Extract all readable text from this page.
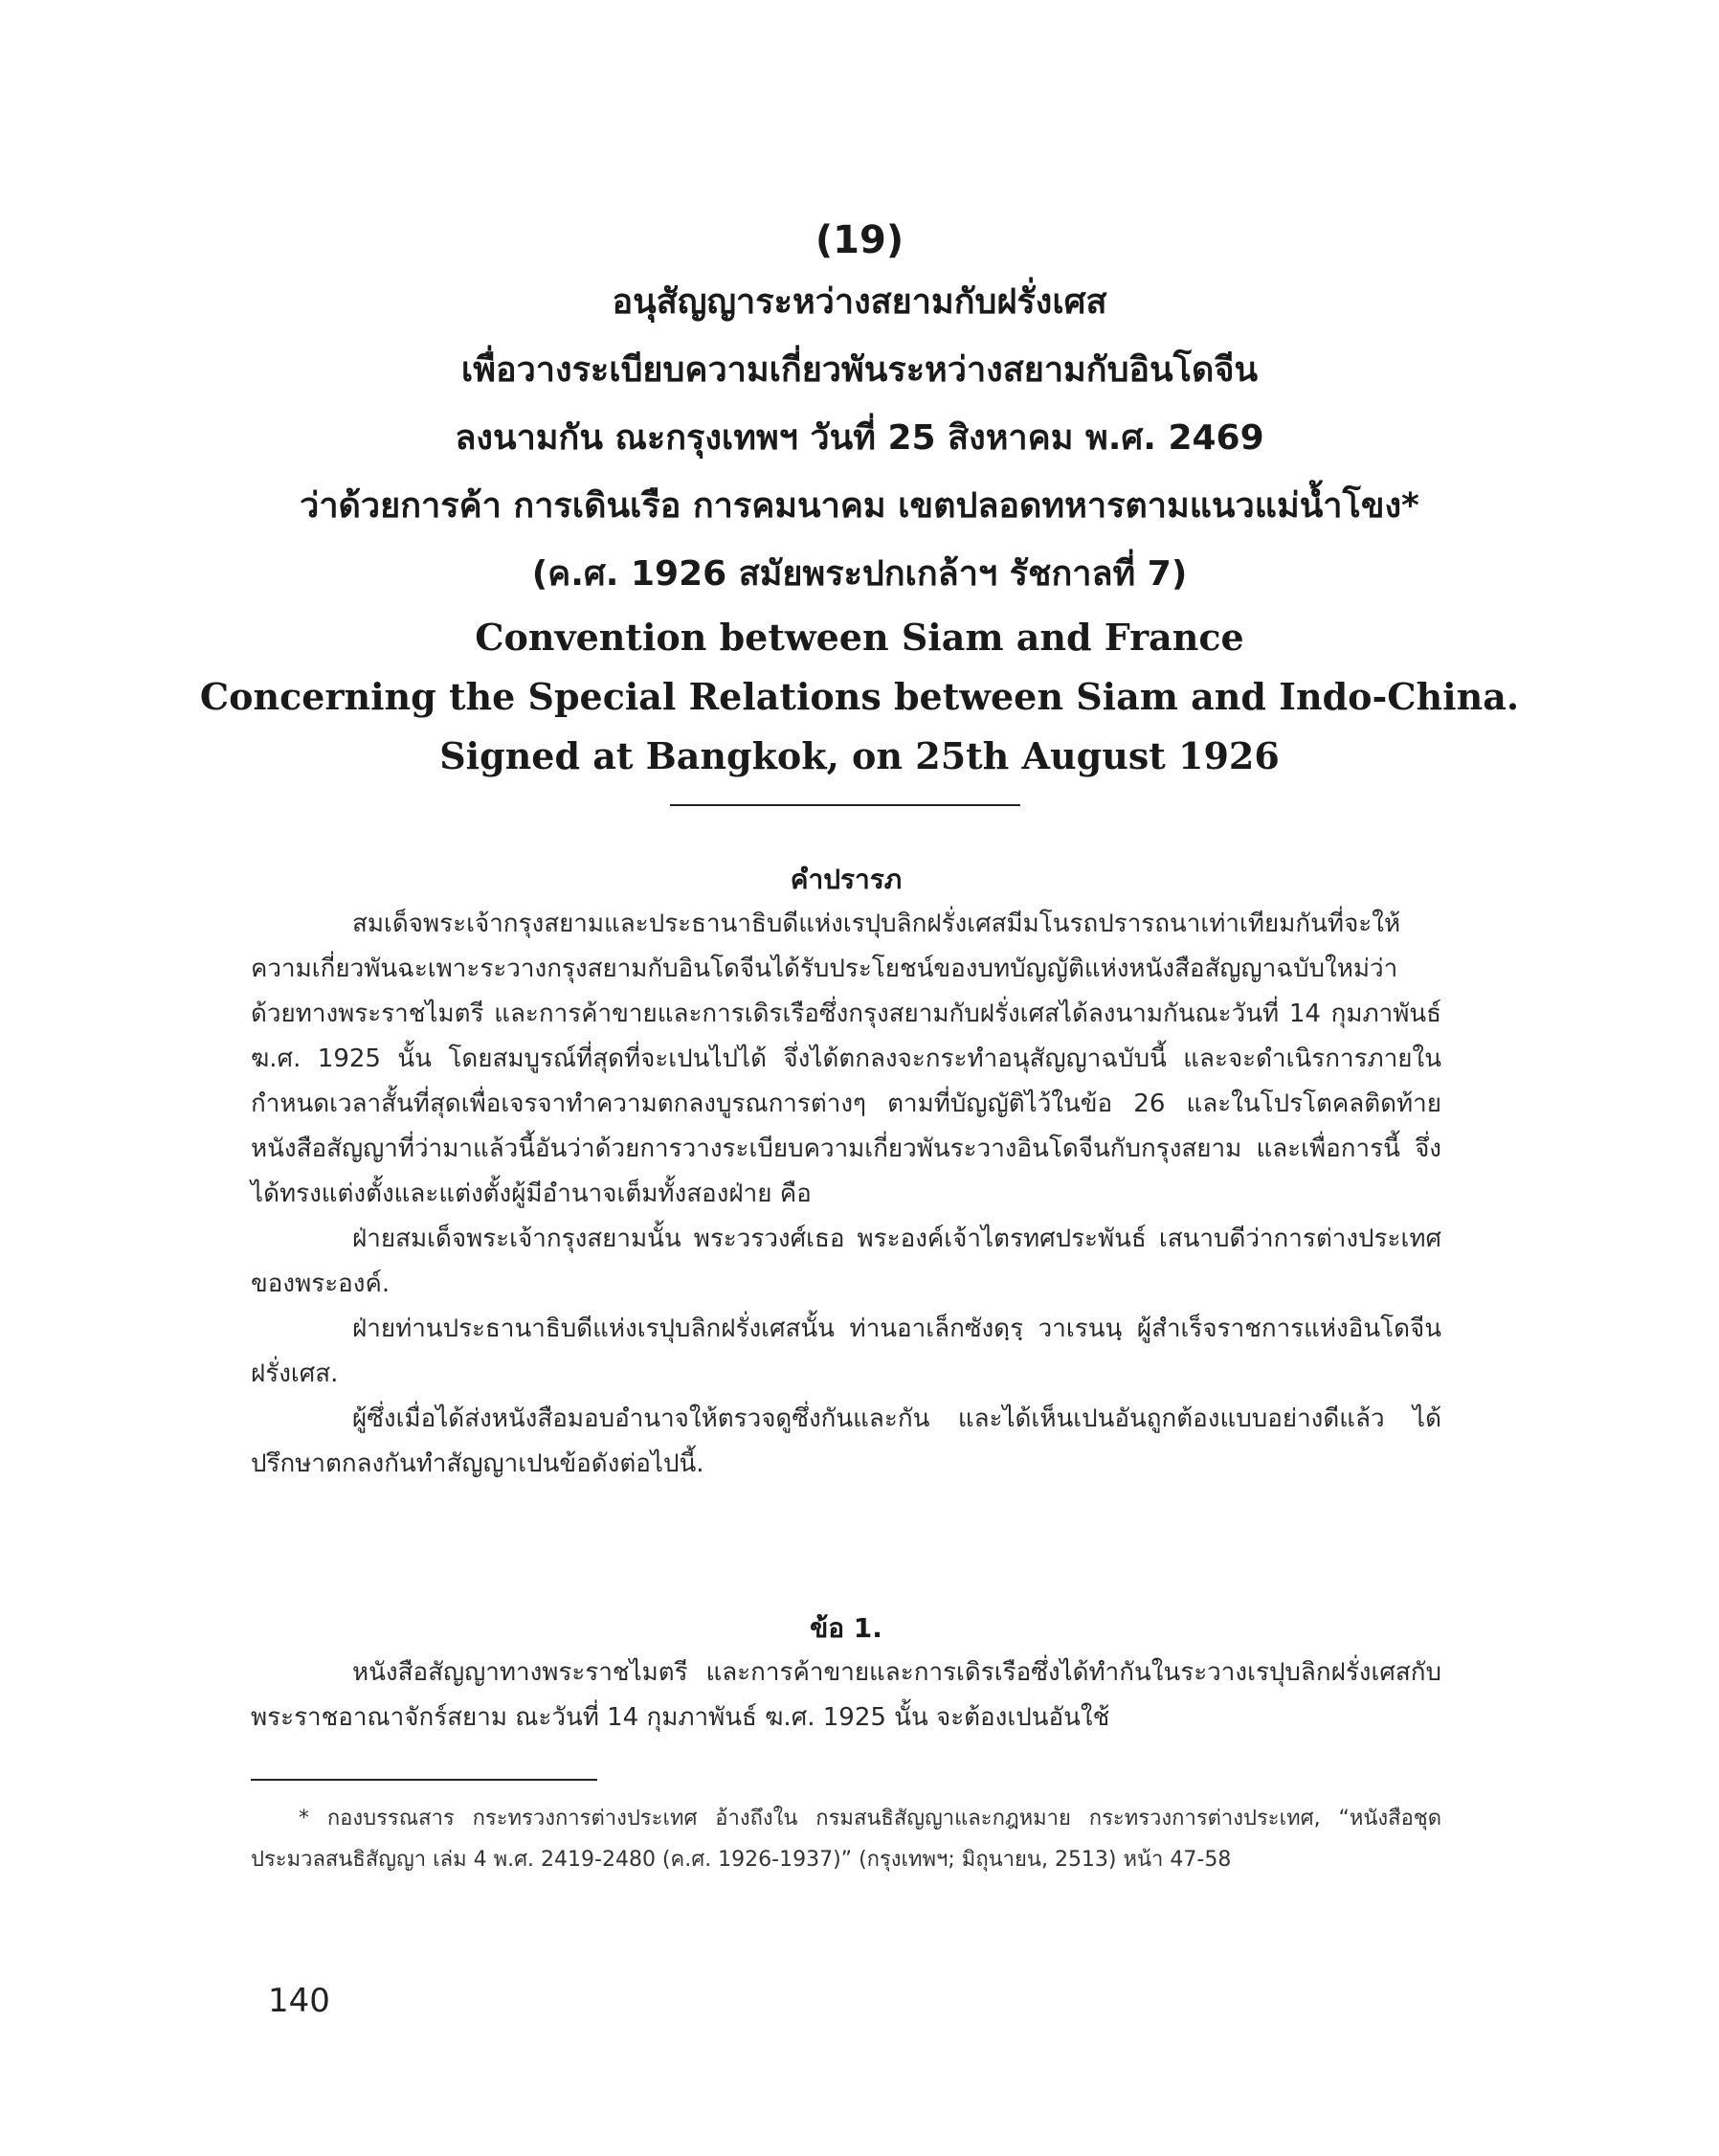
(19)
อนุสัญญาระหว่างสยามกับฝรั่งเศส
เพื่อวางระเบียบความเกี่ยวพันระหว่างสยามกับอินโดจีน
ลงนามกัน ณะกรุงเทพฯ วันที่ 25 สิงหาคม พ.ศ. 2469
ว่าด้วยการค้า การเดินเรือ การคมนาคม เขตปลอดทหารตามแนวแม่น้ำโขง*
(ค.ศ. 1926 สมัยพระปกเกล้าฯ รัชกาลที่ 7)
Convention between Siam and France
Concerning the Special Relations between Siam and Indo-China.
Signed at Bangkok, on 25th August 1926
คำปรารภ

สมเด็จพระเจ้ากรุงสยามและประธานาธิบดีแห่งเรปุบลิกฝรั่งเศสมีมโนรถปรารถนาเท่าเทียมกันที่จะให้ความเกี่ยวพันฉะเพาะระวางกรุงสยามกับอินโดจีนได้รับประโยชน์ของบทบัญญัติแห่งหนังสือสัญญาฉบับใหม่ว่าด้วยทางพระราชไมตรี และการค้าขายและการเดิรเรือซึ่งกรุงสยามกับฝรั่งเศสได้ลงนามกันณะวันที่ 14 กุมภาพันธ์ ฆ.ศ. 1925 นั้น โดยสมบูรณ์ที่สุดที่จะเปนไปได้ จึ่งได้ตกลงจะกระทำอนุสัญญาฉบับนี้ และจะดำเนิรการภายในกำหนดเวลาสั้นที่สุดเพื่อเจรจาทำความตกลงบูรณการต่างๆ ตามที่บัญญัติไว้ในข้อ 26 และในโปรโตคลติดท้ายหนังสือสัญญาที่ว่ามาแล้วนี้อันว่าด้วยการวางระเบียบความเกี่ยวพันระวางอินโดจีนกับกรุงสยาม และเพื่อการนี้ จึ่งได้ทรงแต่งตั้งและแต่งตั้งผู้มีอำนาจเต็มทั้งสองฝ่าย คือ

ฝ่ายสมเด็จพระเจ้ากรุงสยามนั้น พระวรวงศ์เธอ พระองค์เจ้าไตรทศประพันธ์ เสนาบดีว่าการต่างประเทศของพระองค์.

ฝ่ายท่านประธานาธิบดีแห่งเรปุบลิกฝรั่งเศสนั้น ท่านอาเล็กซังดฺรฺ วาเรนนฺ ผู้สำเร็จราชการแห่งอินโดจีนฝรั่งเศส.

ผู้ซึ่งเมื่อได้ส่งหนังสือมอบอำนาจให้ตรวจดูซึ่งกันและกัน และได้เห็นเปนอันถูกต้องแบบอย่างดีแล้ว ได้ปรึกษาตกลงกันทำสัญญาเปนข้อดังต่อไปนี้.

ข้อ 1.

หนังสือสัญญาทางพระราชไมตรี และการค้าขายและการเดิรเรือซึ่งได้ทำกันในระวางเรปุบลิกฝรั่งเศสกับพระราชอาณาจักร์สยาม ณะวันที่ 14 กุมภาพันธ์ ฆ.ศ. 1925 นั้น จะต้องเปนอันใช้

* กองบรรณสาร กระทรวงการต่างประเทศ อ้างถึงใน กรมสนธิสัญญาและกฎหมาย กระทรวงการต่างประเทศ, “หนังสือชุดประมวลสนธิสัญญา เล่ม 4 พ.ศ. 2419-2480 (ค.ศ. 1926-1937)” (กรุงเทพฯ; มิถุนายน, 2513) หน้า 47-58

140
